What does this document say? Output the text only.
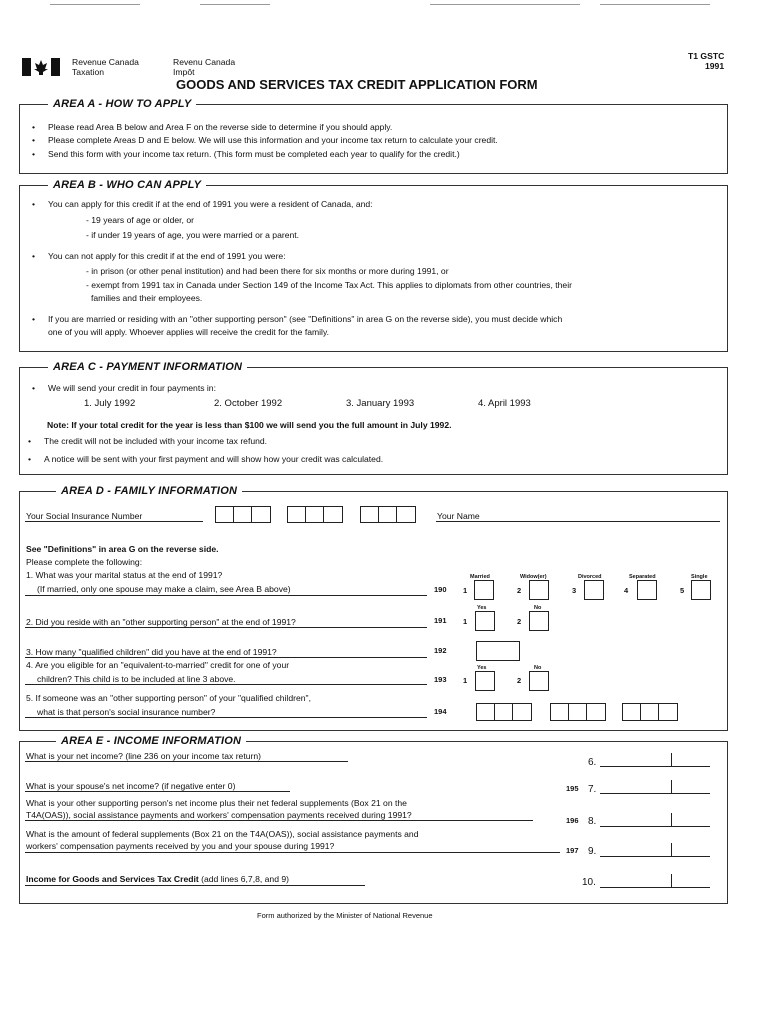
Revenue Canada
Taxation
Revenu Canada
Impôt
T1 GSTC
1991
GOODS AND SERVICES TAX CREDIT APPLICATION FORM
AREA A - HOW TO APPLY
• Please read Area B below and Area F on the reverse side to determine if you should apply.
• Please complete Areas D and E below. We will use this information and your income tax return to calculate your credit.
• Send this form with your income tax return. (This form must be completed each year to qualify for the credit.)
AREA B - WHO CAN APPLY
• You can apply for this credit if at the end of 1991 you were a resident of Canada, and:
- 19 years of age or older, or
- if under 19 years of age, you were married or a parent.
• You can not apply for this credit if at the end of 1991 you were:
- in prison (or other penal institution) and had been there for six months or more during 1991, or
- exempt from 1991 tax in Canada under Section 149 of the Income Tax Act. This applies to diplomats from other countries, their
families and their employees.
• If you are married or residing with an "other supporting person" (see "Definitions" in area G on the reverse side), you must decide which
one of you will apply. Whoever applies will receive the credit for the family.
AREA C - PAYMENT INFORMATION
• We will send your credit in four payments in:
1. July 1992	2. October 1992	3. January 1993	4. April 1993
Note: If your total credit for the year is less than $100 we will send you the full amount in July 1992.
• The credit will not be included with your income tax refund.
• A notice will be sent with your first payment and will show how your credit was calculated.
AREA D - FAMILY INFORMATION
Your Social Insurance Number	Your Name
See "Definitions" in area G on the reverse side.
Please complete the following:
1. What was your marital status at the end of 1991?
(If married, only one spouse may make a claim, see Area B above)	190
Married	Widow(er)	Divorced	Separated	Single
1	2	3	4	5
Yes	No
2. Did you reside with an "other supporting person" at the end of 1991?	191 1	2
3. How many "qualified children" did you have at the end of 1991?	192
4. Are you eligible for an "equivalent-to-married" credit for one of your	Yes	No
children? This child is to be included at line 3 above.	193 1	2
5. If someone was an "other supporting person" of your "qualified children",
what is that person's social insurance number?	194
AREA E - INCOME INFORMATION
What is your net income? (line 236 on your income tax return)
6.
What is your spouse's net income? (if negative enter 0)	195 7.
What is your other supporting person's net income plus their net federal supplements (Box 21 on the
T4A(OAS)), social assistance payments and workers' compensation payments received during 1991?
196 8.
What is the amount of federal supplements (Box 21 on the T4A(OAS)), social assistance payments and
workers' compensation payments received by you and your spouse during 1991?	197 9.
Income for Goods and Services Tax Credit (add lines 6,7,8, and 9)	10.
Form authorized by the Minister of National Revenue
